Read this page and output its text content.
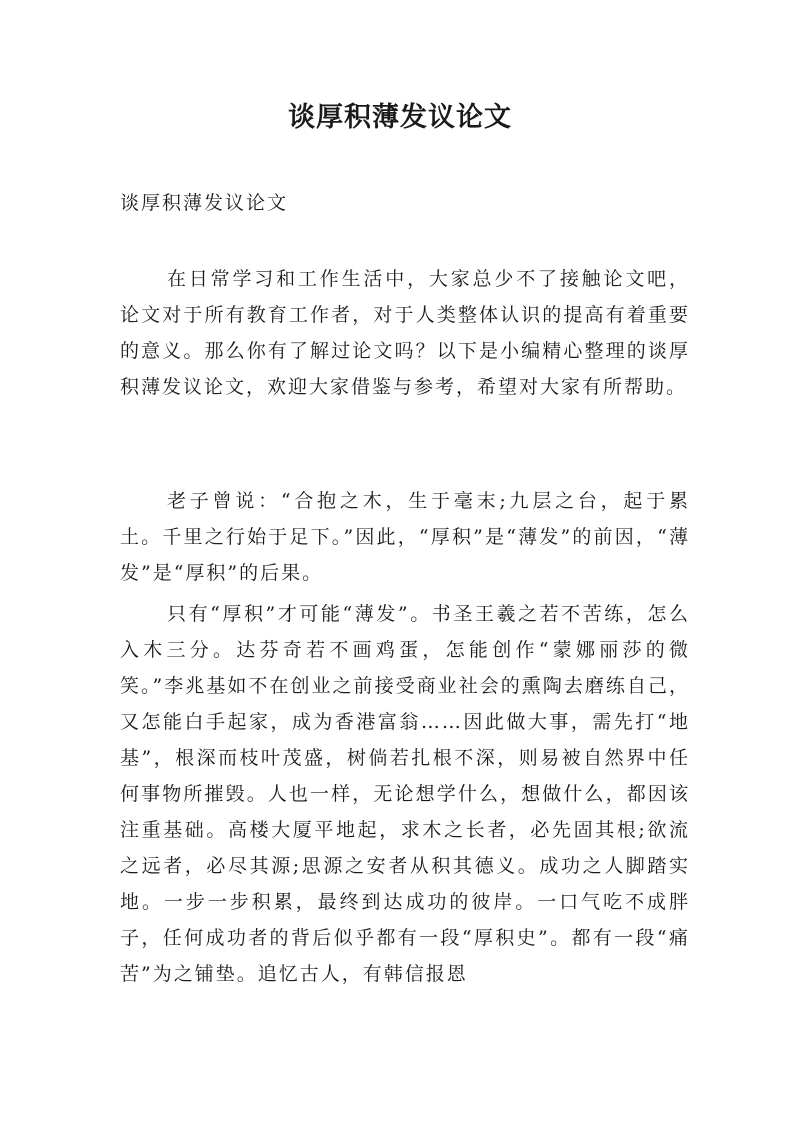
谈厚积薄发议论文

谈厚积薄发议论文

在日常学习和工作生活中，大家总少不了接触论文吧，论文对于所有教育工作者，对于人类整体认识的提高有着重要的意义。那么你有了解过论文吗？以下是小编精心整理的谈厚积薄发议论文，欢迎大家借鉴与参考，希望对大家有所帮助。

老子曾说：“合抱之木，生于毫末;九层之台，起于累土。千里之行始于足下。”因此，“厚积”是“薄发”的前因，“薄发”是“厚积”的后果。

只有“厚积”才可能“薄发”。书圣王羲之若不苦练，怎么入木三分。达芬奇若不画鸡蛋，怎能创作“蒙娜丽莎的微笑。”李兆基如不在创业之前接受商业社会的熏陶去磨练自己，又怎能白手起家，成为香港富翁……因此做大事，需先打“地基”，根深而枝叶茂盛，树倘若扎根不深，则易被自然界中任何事物所摧毁。人也一样，无论想学什么，想做什么，都因该注重基础。高楼大厦平地起，求木之长者，必先固其根;欲流之远者，必尽其源;思源之安者从积其德义。成功之人脚踏实地。一步一步积累，最终到达成功的彼岸。一口气吃不成胖子，任何成功者的背后似乎都有一段“厚积史”。都有一段“痛苦”为之铺垫。追忆古人，有韩信报恩
